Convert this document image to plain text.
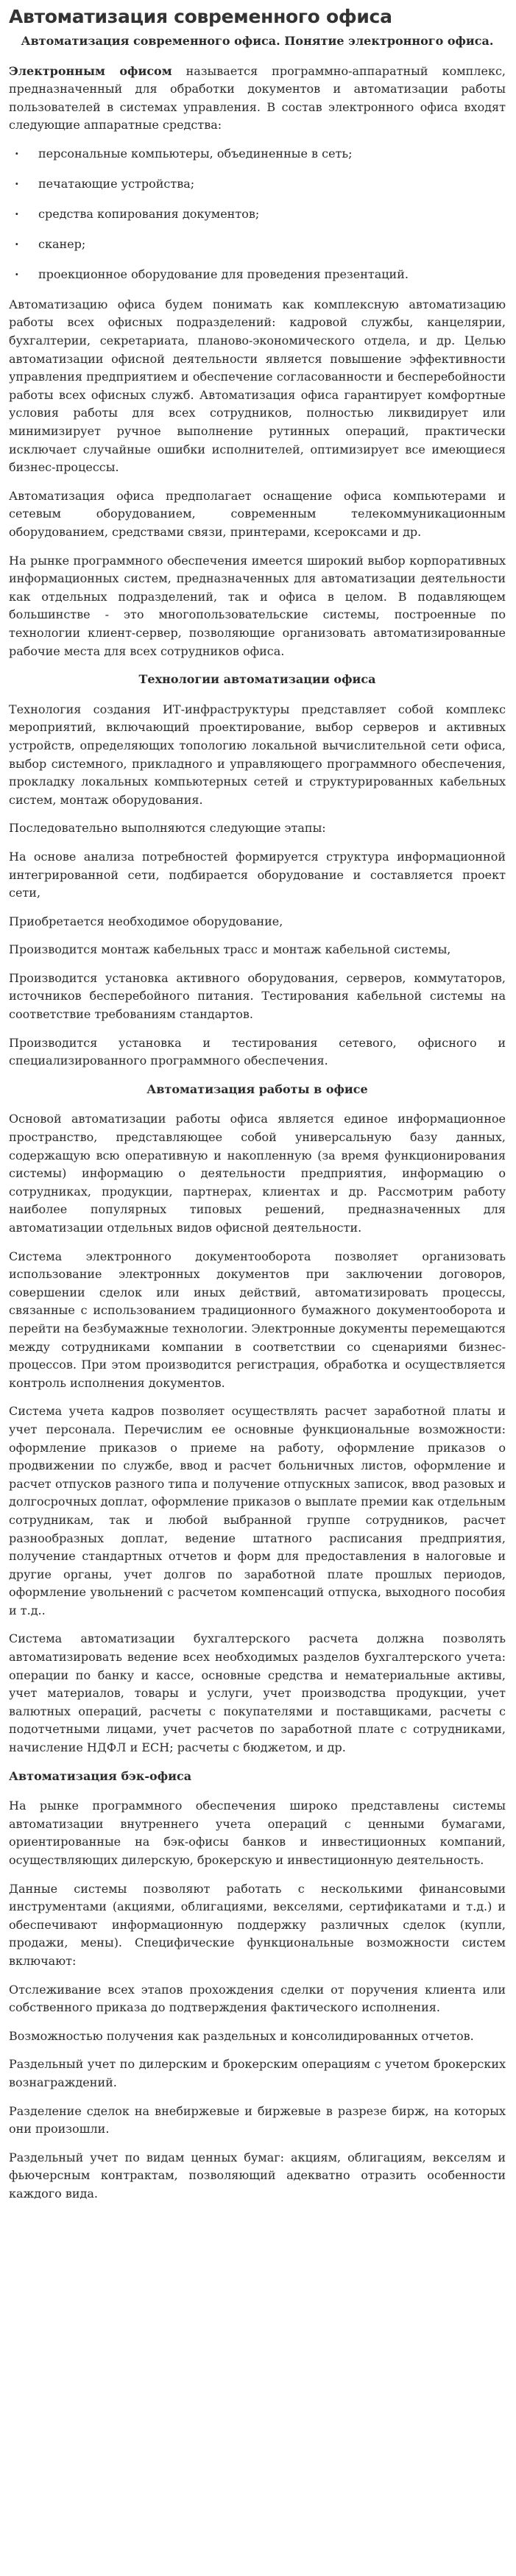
Автоматизация современного офиса

Автоматизация современного офиса. Понятие электронного офиса.

Электронным офисом называется программно-аппаратный комплекс, предназначенный для обработки документов и автоматизации работы пользователей в системах управления. В состав электронного офиса входят следующие аппаратные средства:

· персональные компьютеры, объединенные в сеть;
· печатающие устройства;
· средства копирования документов;
· сканер;
· проекционное оборудование для проведения презентаций.

Автоматизацию офиса будем понимать как комплексную автоматизацию работы всех офисных подразделений: кадровой службы, канцелярии, бухгалтерии, секретариата, планово-экономического отдела, и др. Целью автоматизации офисной деятельности является повышение эффективности управления предприятием и обеспечение согласованности и бесперебойности работы всех офисных служб. Автоматизация офиса гарантирует комфортные условия работы для всех сотрудников, полностью ликвидирует или минимизирует ручное выполнение рутинных операций, практически исключает случайные ошибки исполнителей, оптимизирует все имеющиеся бизнес-процессы.

Автоматизация офиса предполагает оснащение офиса компьютерами и сетевым оборудованием, современным телекоммуникационным оборудованием, средствами связи, принтерами, ксероксами и др.

На рынке программного обеспечения имеется широкий выбор корпоративных информационных систем, предназначенных для автоматизации деятельности как отдельных подразделений, так и офиса в целом. В подавляющем большинстве - это многопользовательские системы, построенные по технологии клиент-сервер, позволяющие организовать автоматизированные рабочие места для всех сотрудников офиса.

Технологии автоматизации офиса

Технология создания ИТ-инфраструктуры представляет собой комплекс мероприятий, включающий проектирование, выбор серверов и активных устройств, определяющих топологию локальной вычислительной сети офиса, выбор системного, прикладного и управляющего программного обеспечения, прокладку локальных компьютерных сетей и структурированных кабельных систем, монтаж оборудования.

Последовательно выполняются следующие этапы:

На основе анализа потребностей формируется структура информационной интегрированной сети, подбирается оборудование и составляется проект сети,

Приобретается необходимое оборудование,

Производится монтаж кабельных трасс и монтаж кабельной системы,

Производится установка активного оборудования, серверов, коммутаторов, источников бесперебойного питания. Тестирования кабельной системы на соответствие требованиям стандартов.

Производится установка и тестирования сетевого, офисного и специализированного программного обеспечения.

Автоматизация работы в офисе

Основой автоматизации работы офиса является единое информационное пространство, представляющее собой универсальную базу данных, содержащую всю оперативную и накопленную (за время функционирования системы) информацию о деятельности предприятия, информацию о сотрудниках, продукции, партнерах, клиентах и др. Рассмотрим работу наиболее популярных типовых решений, предназначенных для автоматизации отдельных видов офисной деятельности.

Система электронного документооборота позволяет организовать использование электронных документов при заключении договоров, совершении сделок или иных действий, автоматизировать процессы, связанные с использованием традиционного бумажного документооборота и перейти на безбумажные технологии. Электронные документы перемещаются между сотрудниками компании в соответствии со сценариями бизнес-процессов. При этом производится регистрация, обработка и осуществляется контроль исполнения документов.

Система учета кадров позволяет осуществлять расчет заработной платы и учет персонала. Перечислим ее основные функциональные возможности: оформление приказов о приеме на работу, оформление приказов о продвижении по службе, ввод и расчет больничных листов, оформление и расчет отпусков разного типа и получение отпускных записок, ввод разовых и долгосрочных доплат, оформление приказов о выплате премии как отдельным сотрудникам, так и любой выбранной группе сотрудников, расчет разнообразных доплат, ведение штатного расписания предприятия, получение стандартных отчетов и форм для предоставления в налоговые и другие органы, учет долгов по заработной плате прошлых периодов, оформление увольнений с расчетом компенсаций отпуска, выходного пособия и т.д..

Система автоматизации бухгалтерского расчета должна позволять автоматизировать ведение всех необходимых разделов бухгалтерского учета: операции по банку и кассе, основные средства и нематериальные активы, учет материалов, товары и услуги, учет производства продукции, учет валютных операций, расчеты с покупателями и поставщиками, расчеты с подотчетными лицами, учет расчетов по заработной плате с сотрудниками, начисление НДФЛ и ЕСН; расчеты с бюджетом, и др.

Автоматизация бэк-офиса

На рынке программного обеспечения широко представлены системы автоматизации внутреннего учета операций с ценными бумагами, ориентированные на бэк-офисы банков и инвестиционных компаний, осуществляющих дилерскую, брокерскую и инвестиционную деятельность.

Данные системы позволяют работать с несколькими финансовыми инструментами (акциями, облигациями, векселями, сертификатами и т.д.) и обеспечивают информационную поддержку различных сделок (купли, продажи, мены). Специфические функциональные возможности систем включают:

Отслеживание всех этапов прохождения сделки от поручения клиента или собственного приказа до подтверждения фактического исполнения.

Возможностью получения как раздельных и консолидированных отчетов.

Раздельный учет по дилерским и брокерским операциям с учетом брокерских вознаграждений.

Разделение сделок на внебиржевые и биржевые в разрезе бирж, на которых они произошли.

Раздельный учет по видам ценных бумаг: акциям, облигациям, векселям и фьючерсным контрактам, позволяющий адекватно отразить особенности каждого вида.
